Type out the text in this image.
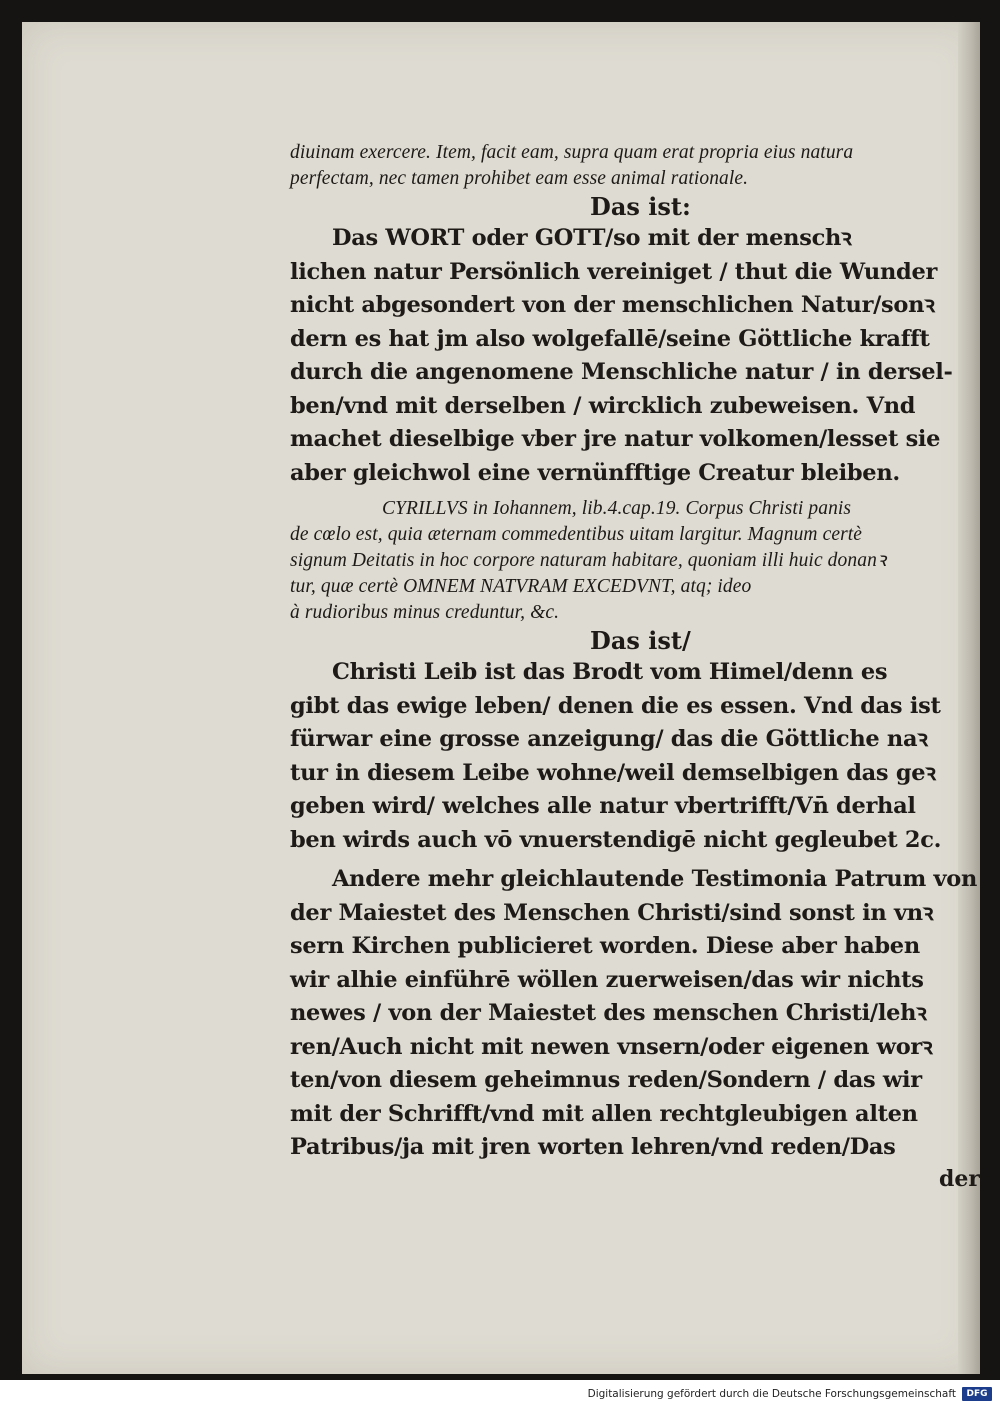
diuinam exercere. Item, facit eam, supra quam erat propria eius natura

perfectam, nec tamen prohibet eam esse animal rationale.

Das ist:

Das WORT oder GOTT/so mit der menschꝛ

lichen natur Persönlich vereiniget / thut die Wunder

nicht abgesondert von der menschlichen Natur/sonꝛ

dern es hat jm also wolgefallē/seine Göttliche krafft

durch die angenomene Menschliche natur / in dersel-

ben/vnd mit derselben / wircklich zubeweisen. Vnd

machet dieselbige vber jre natur volkomen/lesset sie

aber gleichwol eine vernünfftige Creatur bleiben.

CYRILLVS in Iohannem, lib.4.cap.19. Corpus Christi panis

de cœlo est, quia æternam commedentibus uitam largitur. Magnum certè

signum Deitatis in hoc corpore naturam habitare, quoniam illi huic donanꝛ

tur, quæ certè OMNEM NATVRAM EXCEDVNT, atq; ideo

à rudioribus minus creduntur, &c.

Das ist/

Christi Leib ist das Brodt vom Himel/denn es

gibt das ewige leben/ denen die es essen. Vnd das ist

fürwar eine grosse anzeigung/ das die Göttliche naꝛ

tur in diesem Leibe wohne/weil demselbigen das geꝛ

geben wird/ welches alle natur vbertrifft/Vn̄ derhal

ben wirds auch vō vnuerstendigē nicht gegleubet 2c.

Andere mehr gleichlautende Testimonia Patrum von

der Maiestet des Menschen Christi/sind sonst in vnꝛ

sern Kirchen publicieret worden. Diese aber haben

wir alhie einführē wöllen zuerweisen/das wir nichts

newes / von der Maiestet des menschen Christi/lehꝛ

ren/Auch nicht mit newen vnsern/oder eigenen worꝛ

ten/von diesem geheimnus reden/Sondern / das wir

mit der Schrifft/vnd mit allen rechtgleubigen alten

Patribus/ja mit jren worten lehren/vnd reden/Das

der

Digitalisierung gefördert durch die Deutsche Forschungsgemeinschaft	DFG
